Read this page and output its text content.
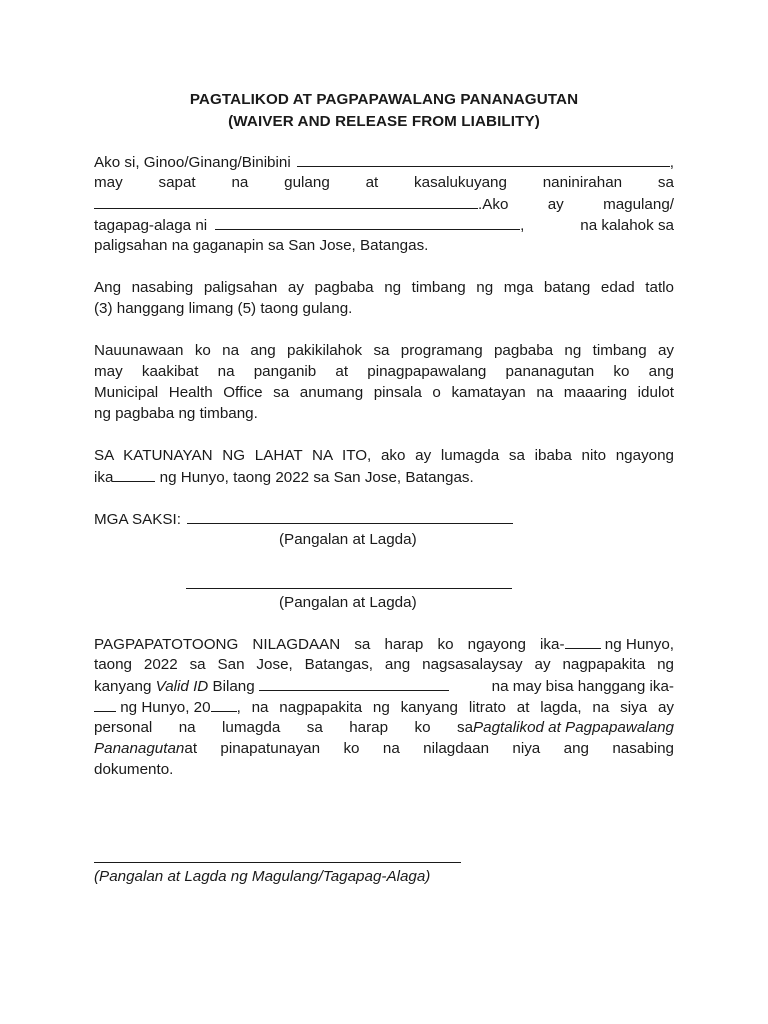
PAGTALIKOD AT PAGPAPAWALANG PANANAGUTAN
(WAIVER AND RELEASE FROM LIABILITY)
Ako si, Ginoo/Ginang/Binibini	,
may sapat na gulang at kasalukuyang naninirahan sa
.Ako	ay	magulang/
tagapag-alaga ni	,	na kalahok sa
paligsahan na gaganapin sa San Jose, Batangas.
Ang nasabing paligsahan ay pagbaba ng timbang ng mga batang edad tatlo
(3) hanggang limang (5) taong gulang.
Nauunawaan ko na ang pakikilahok sa programang pagbaba ng timbang ay
may kaakibat na panganib at pinagpapawalang pananagutan ko ang
Municipal Health Office sa anumang pinsala o kamatayan na maaaring idulot
ng pagbaba ng timbang.
SA KATUNAYAN NG LAHAT NA ITO, ako ay lumagda sa ibaba nito ngayong
ika	ng Hunyo, taong 2022 sa San Jose, Batangas.
MGA SAKSI:
(Pangalan at Lagda)
(Pangalan at Lagda)
PAGPAPATOTOONG NILAGDAAN sa harap ko ngayong ika- ng Hunyo,
taong 2022 sa San Jose, Batangas, ang nagsasalaysay ay nagpapakita ng
kanyang Valid ID Bilang	na may bisa hanggang ika-
ng Hunyo, 20 , na nagpapakita ng kanyang litrato at lagda, na siya ay
personal na lumagda sa harap ko sa Pagtalikod at Pagpapawalang
Pananagutan at pinapatunayan ko na nilagdaan niya ang nasabing
dokumento.
(Pangalan at Lagda ng Magulang/Tagapag-Alaga)
